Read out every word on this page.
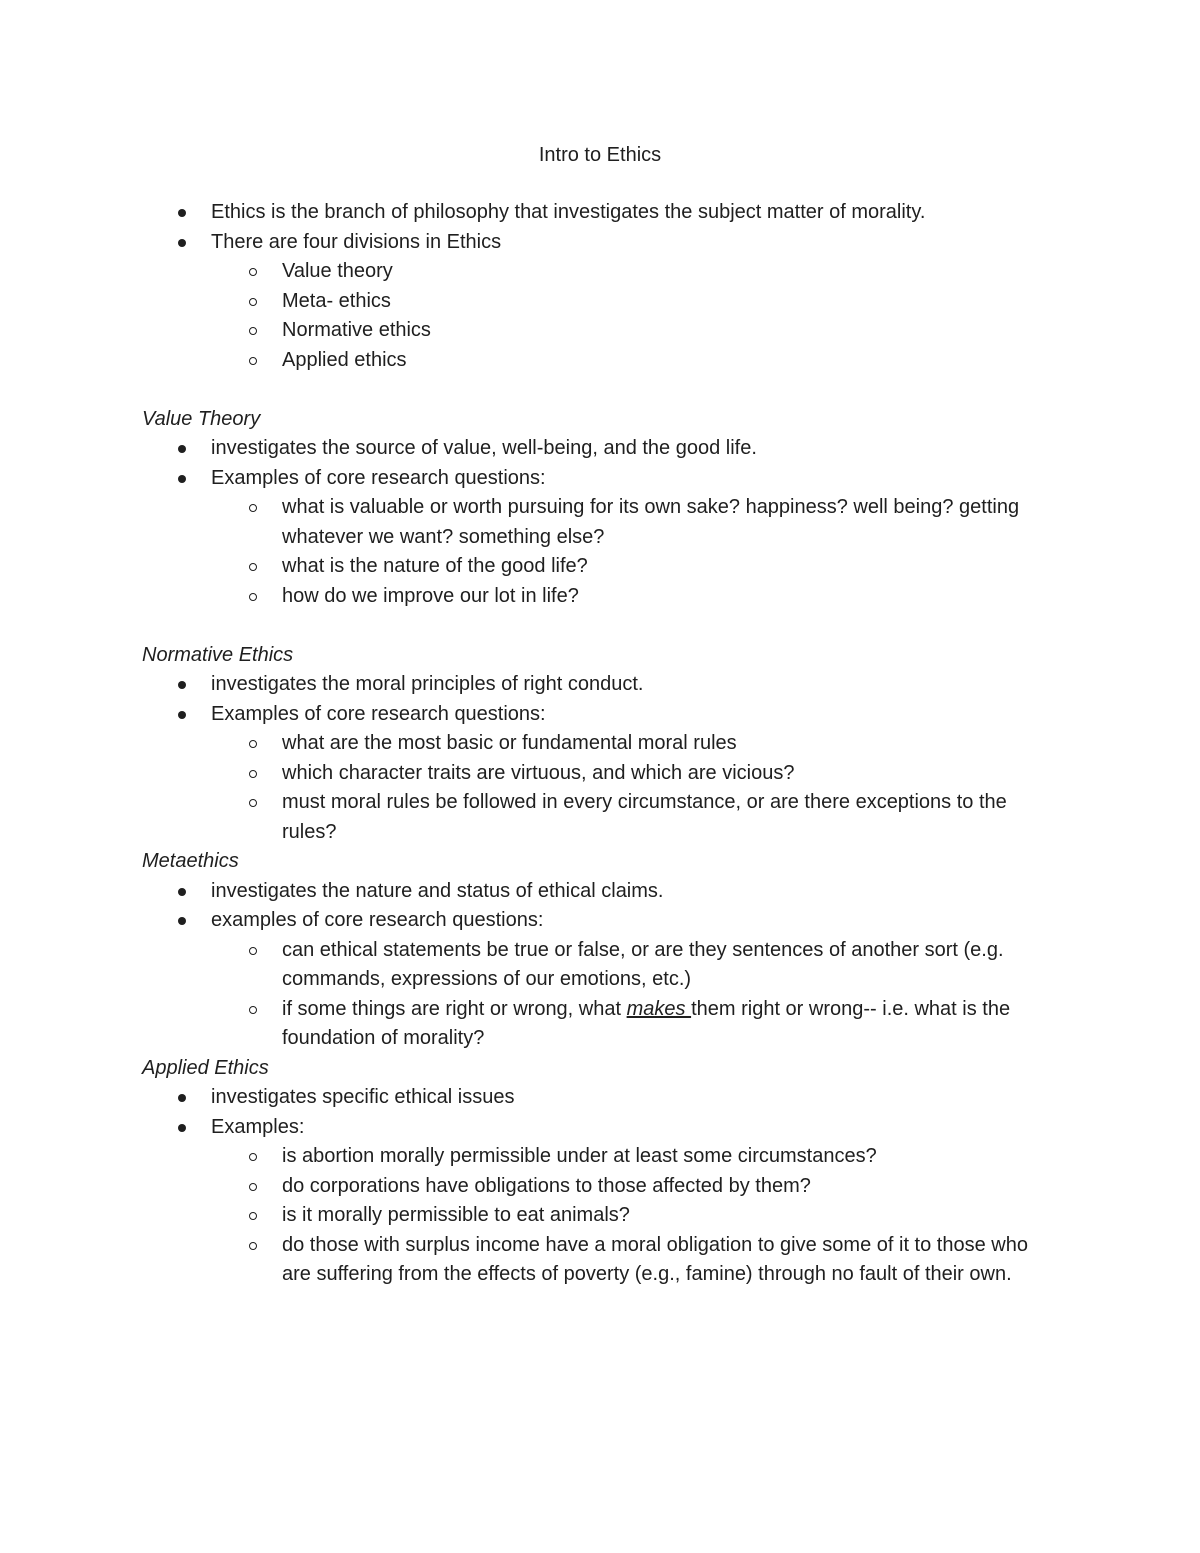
Intro to Ethics
Ethics is the branch of philosophy that investigates the subject matter of morality.
There are four divisions in Ethics
Value theory
Meta- ethics
Normative ethics
Applied ethics

Value Theory

investigates the source of value, well-being, and the good life.
Examples of core research questions:
what is valuable or worth pursuing for its own sake? happiness? well being? getting whatever we want? something else?
what is the nature of the good life?
how do we improve our lot in life?

Normative Ethics

investigates the moral principles of right conduct.
Examples of core research questions:
what are the most basic or fundamental moral rules
which character traits are virtuous, and which are vicious?
must moral rules be followed in every circumstance, or are there exceptions to the rules?

Metaethics

investigates the nature and status of ethical claims.
examples of core research questions:
can ethical statements be true or false, or are they sentences of another sort (e.g. commands, expressions of our emotions, etc.)
if some things are right or wrong, what makes them right or wrong-- i.e. what is the foundation of morality?

Applied Ethics

investigates specific ethical issues
Examples:
is abortion morally permissible under at least some circumstances?
do corporations have obligations to those affected by them?
is it morally permissible to eat animals?
do those with surplus income have a moral obligation to give some of it to those who are suffering from the effects of poverty (e.g., famine) through no fault of their own.
